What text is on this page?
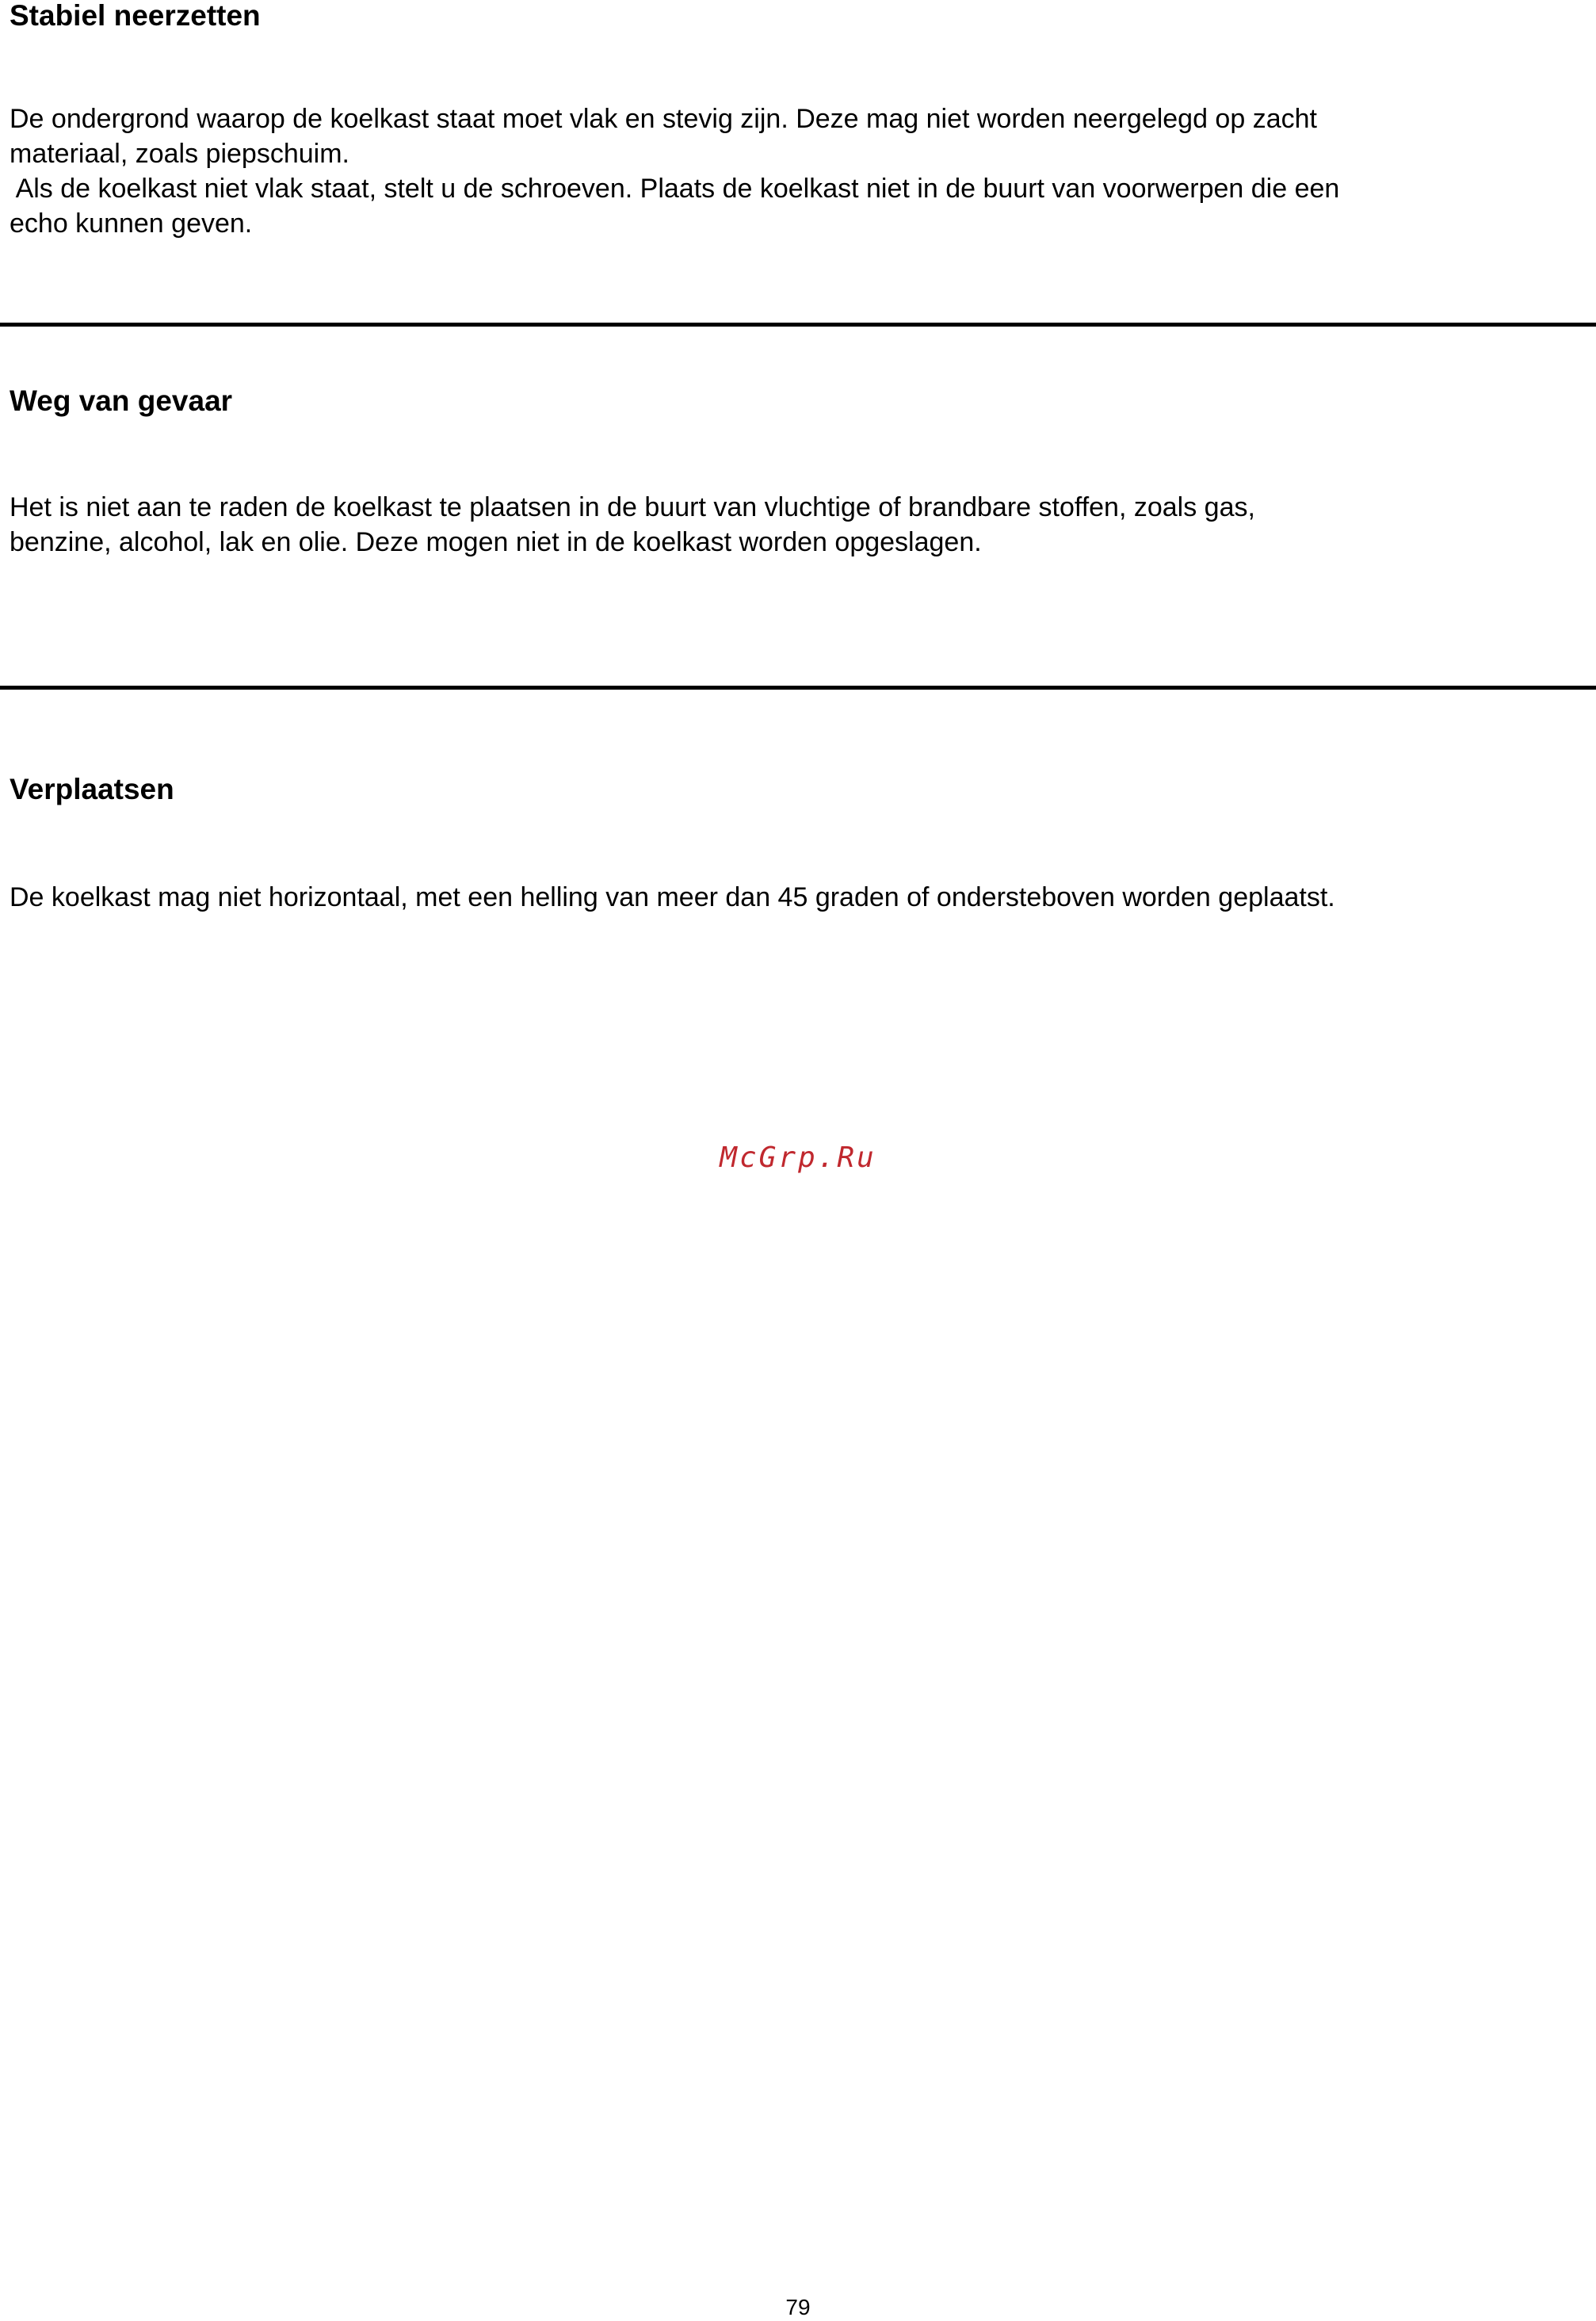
Stabiel neerzetten

De ondergrond waarop de koelkast staat moet vlak en stevig zijn. Deze mag niet worden neergelegd op zacht

materiaal, zoals piepschuim.

Als de koelkast niet vlak staat, stelt u de schroeven. Plaats de koelkast niet in de buurt van voorwerpen die een

echo kunnen geven.

Weg van gevaar

Het is niet aan te raden de koelkast te plaatsen in de buurt van vluchtige of brandbare stoffen, zoals gas,

benzine, alcohol, lak en olie. Deze mogen niet in de koelkast worden opgeslagen.

Verplaatsen

De koelkast mag niet horizontaal, met een helling van meer dan 45 graden of ondersteboven worden geplaatst.

McGrp.Ru
79
